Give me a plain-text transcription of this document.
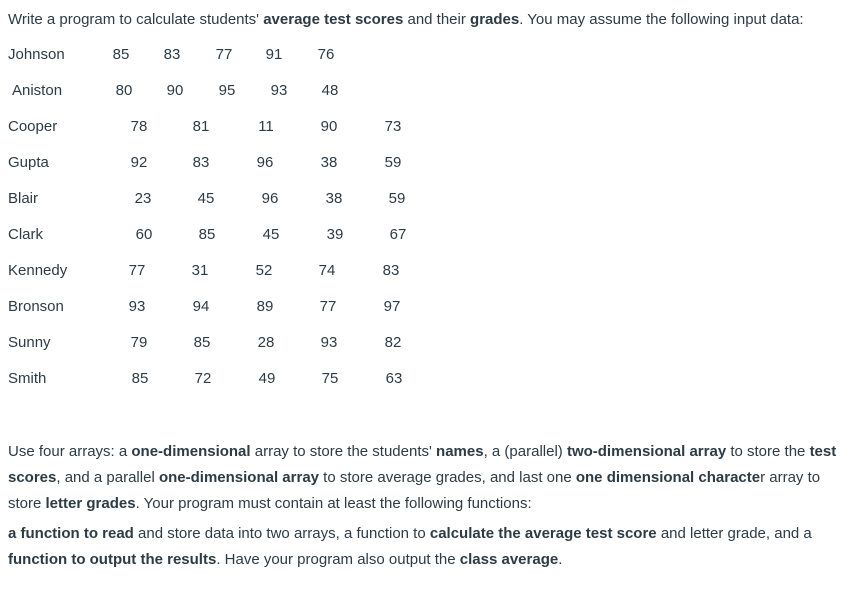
Write a program to calculate students' average test scores and their grades. You may assume the following input data:
Johnson	85	83	77	91	76
Aniston	80	90	95	93	48
Cooper	78	81	11	90	73
Gupta	92	83	96	38	59
Blair	23	45	96	38	59
Clark	60	85	45	39	67
Kennedy	77	31	52	74	83
Bronson	93	94	89	77	97
Sunny	79	85	28	93	82
Smith	85	72	49	75	63
Use four arrays: a one-dimensional array to store the students' names, a (parallel) two-dimensional array to store the test scores, and a parallel one-dimensional array to store average grades, and last one one dimensional character array to store letter grades. Your program must contain at least the following functions:
a function to read and store data into two arrays, a function to calculate the average test score and letter grade, and a function to output the results. Have your program also output the class average.
